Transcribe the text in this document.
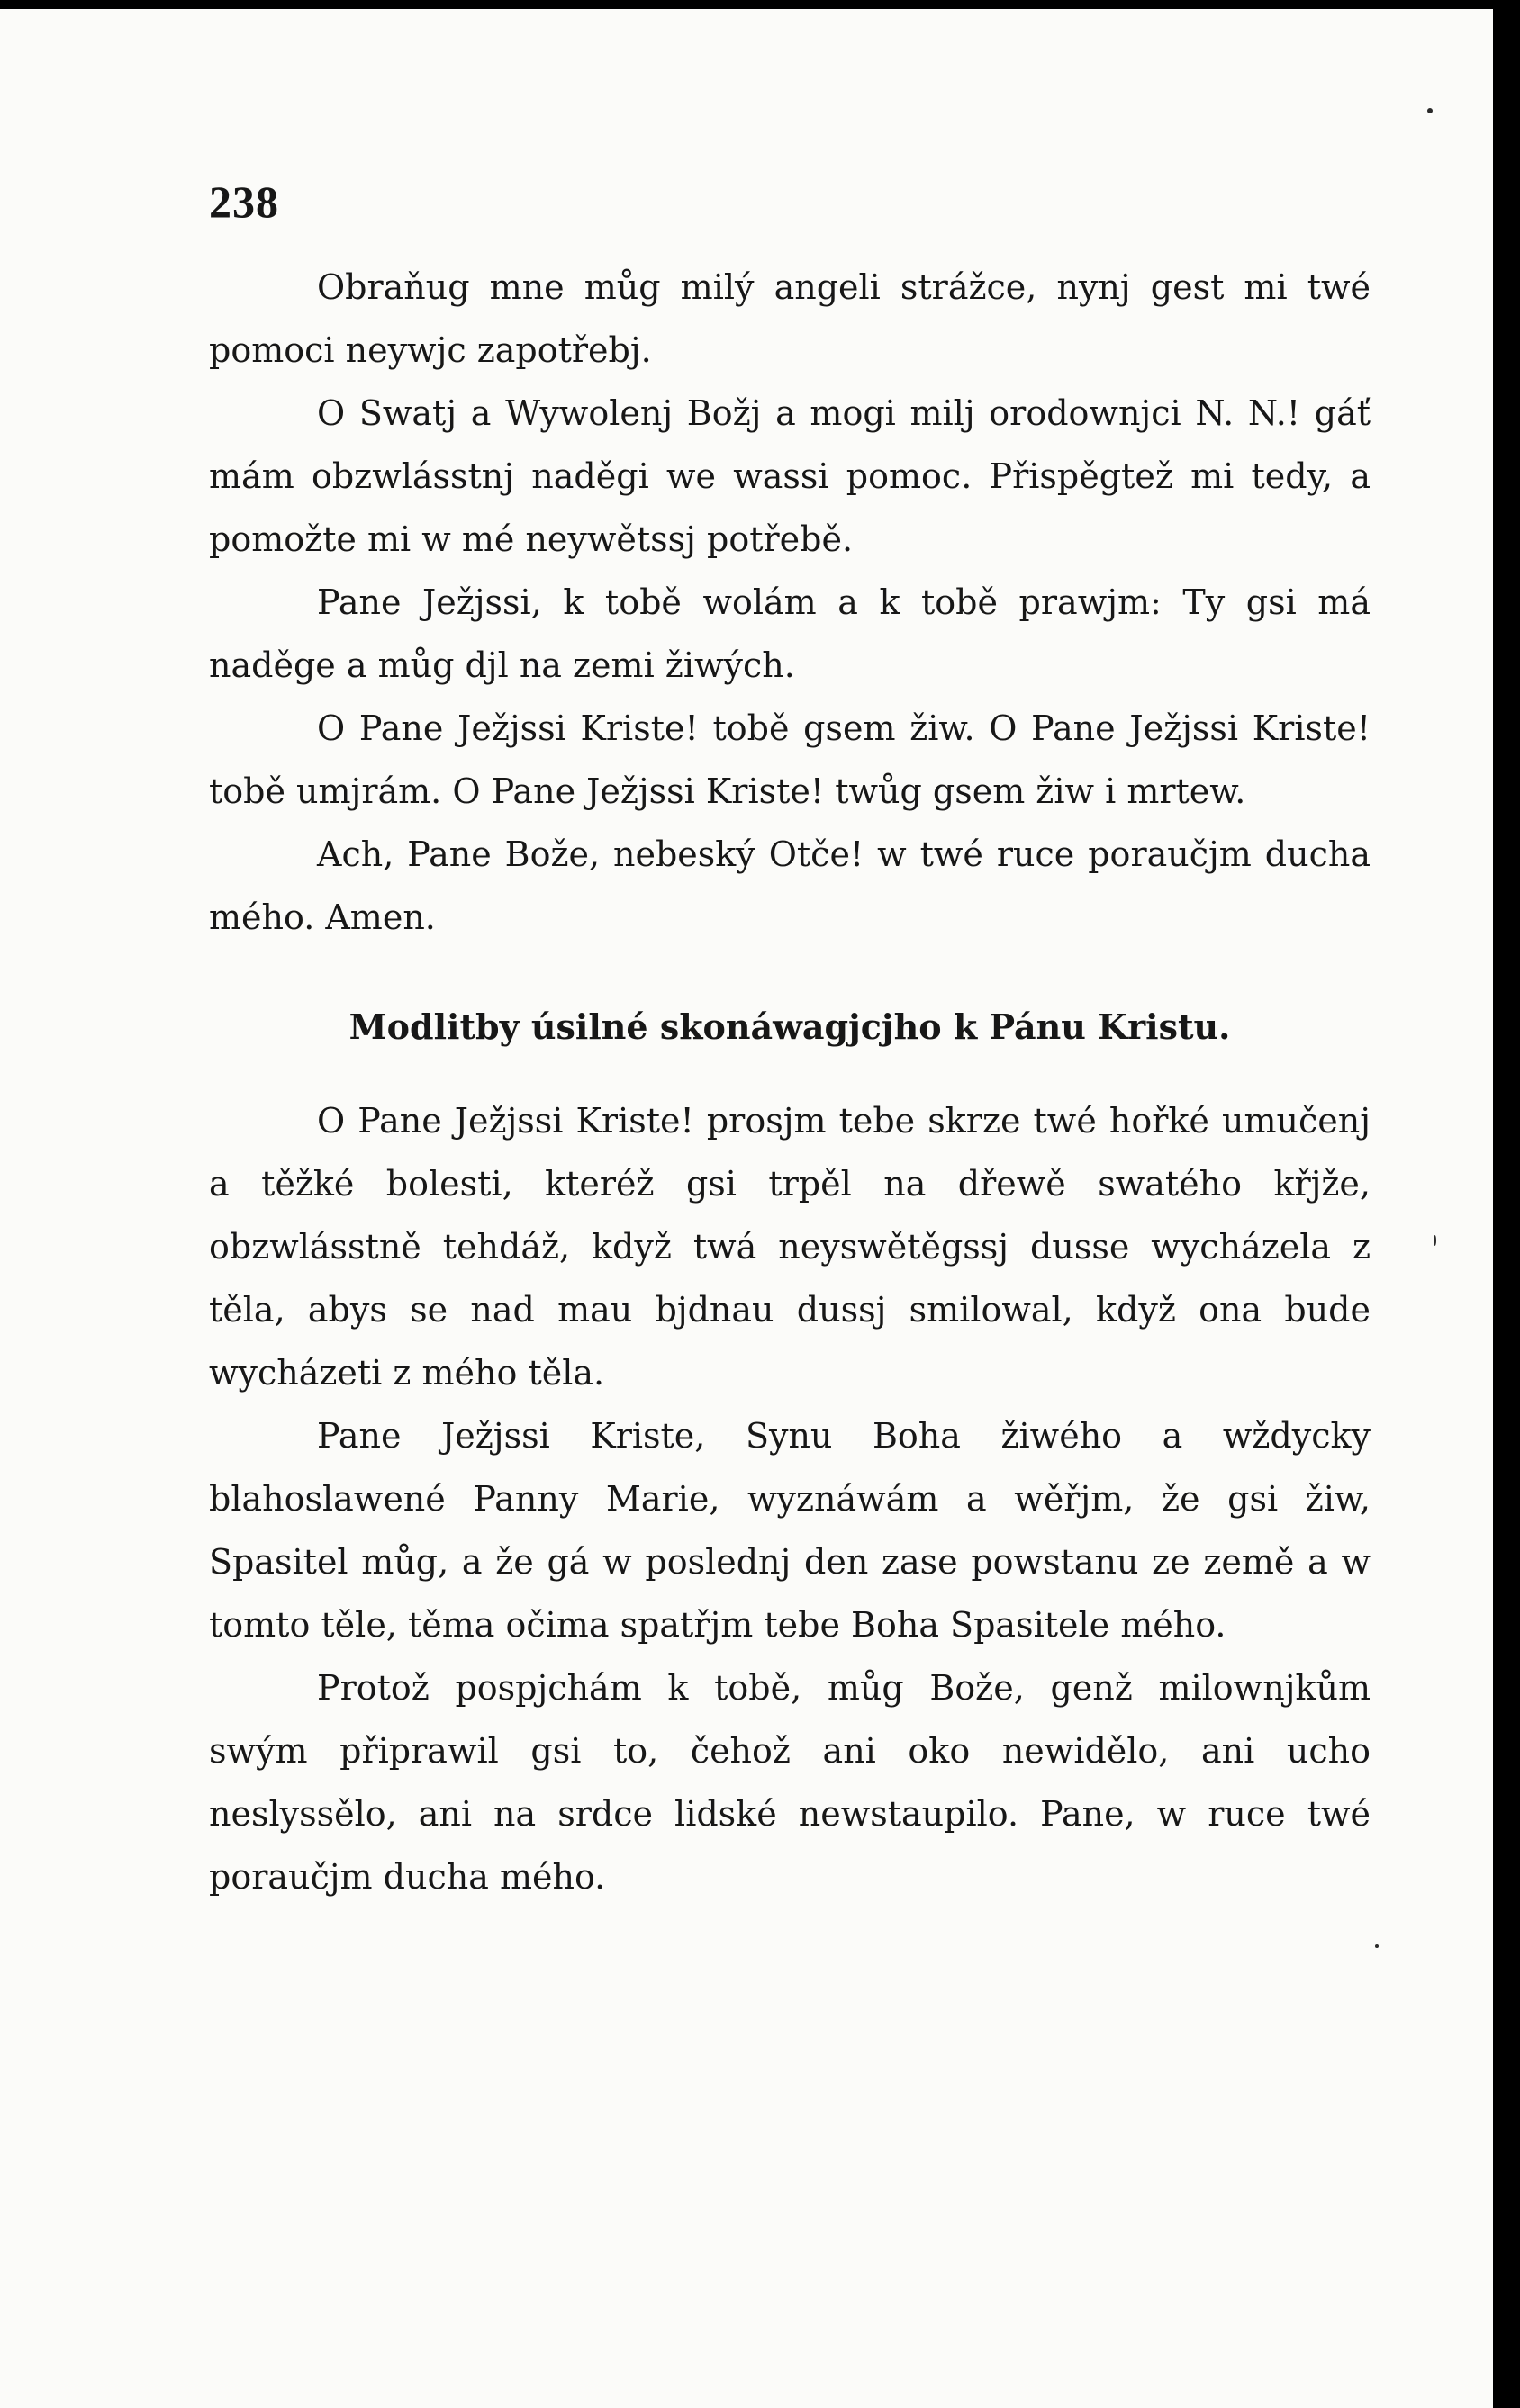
238

Obraňug mne můg milý angeli strážce, nynj gest mi twé pomoci neywjc zapotřebj.

O Swatj a Wywolenj Božj a mogi milj orodownjci N. N.! gáť mám obzwlásstnj naděgi we wassi pomoc. Přispěgtež mi tedy, a pomožte mi w mé neywětssj potřebě.

Pane Ježjssi, k tobě wolám a k tobě prawjm: Ty gsi má naděge a můg djl na zemi žiwých.

O Pane Ježjssi Kriste! tobě gsem žiw. O Pane Ježjssi Kriste! tobě umjrám. O Pane Ježjssi Kriste! twůg gsem žiw i mrtew.

Ach, Pane Bože, nebeský Otče! w twé ruce poraučjm ducha mého. Amen.

Modlitby úsilné skonáwagjcjho k Pánu Kristu.

O Pane Ježjssi Kriste! prosjm tebe skrze twé hořké umučenj a těžké bolesti, kteréž gsi trpěl na dřewě swatého křjže, obzwlásstně tehdáž, když twá neyswětěgssj dusse wycházela z těla, abys se nad mau bjdnau dussj smilowal, když ona bude wycházeti z mého těla.

Pane Ježjssi Kriste, Synu Boha žiwého a wždycky blahoslawené Panny Marie, wyznáwám a wěřjm, že gsi žiw, Spasitel můg, a že gá w poslednj den zase powstanu ze země a w tomto těle, těma očima spatřjm tebe Boha Spasitele mého.

Protož pospjchám k tobě, můg Bože, genž milownjkům swým připrawil gsi to, čehož ani oko newidělo, ani ucho neslyssělo, ani na srdce lidské newstaupilo. Pane, w ruce twé poraučjm ducha mého.
